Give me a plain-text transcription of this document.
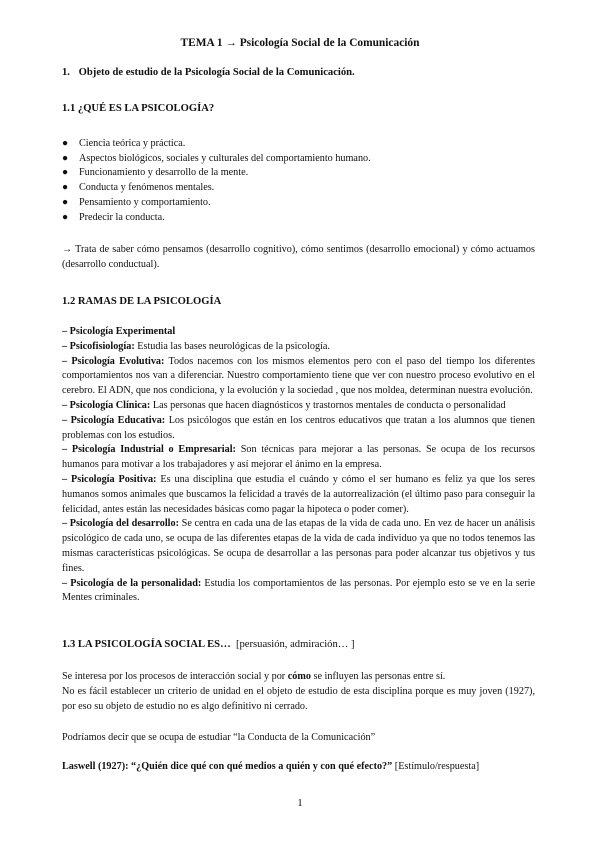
TEMA 1 → Psicología Social de la Comunicación
1. Objeto de estudio de la Psicología Social de la Comunicación.
1.1 ¿QUÉ ES LA PSICOLOGÍA?
● Ciencia teórica y práctica.
● Aspectos biológicos, sociales y culturales del comportamiento humano.
● Funcionamiento y desarrollo de la mente.
● Conducta y fenómenos mentales.
● Pensamiento y comportamiento.
● Predecir la conducta.
→ Trata de saber cómo pensamos (desarrollo cognitivo), cómo sentimos (desarrollo emocional) y cómo actuamos (desarrollo conductual).
1.2 RAMAS DE LA PSICOLOGÍA

– Psicología Experimental

– Psicofisiología: Estudia las bases neurológicas de la psicología.

– Psicología Evolutiva: Todos nacemos con los mismos elementos pero con el paso del tiempo los diferentes comportamientos nos van a diferenciar. Nuestro comportamiento tiene que ver con nuestro proceso evolutivo en el cerebro. El ADN, que nos condiciona, y la evolución y la sociedad , que nos moldea, determinan nuestra evolución.

– Psicología Clínica: Las personas que hacen diagnósticos y trastornos mentales de conducta o personalidad

– Psicología Educativa: Los psicólogos que están en los centros educativos que tratan a los alumnos que tienen problemas con los estudios.

– Psicología Industrial o Empresarial: Son técnicas para mejorar a las personas. Se ocupa de los recursos humanos para motivar a los trabajadores y así mejorar el ánimo en la empresa.

– Psicología Positiva: Es una disciplina que estudia el cuándo y cómo el ser humano es feliz ya que los seres humanos somos animales que buscamos la felicidad a través de la autorrealización (el último paso para conseguir la felicidad, antes están las necesidades básicas como pagar la hipoteca o poder comer).

– Psicología del desarrollo: Se centra en cada una de las etapas de la vida de cada uno. En vez de hacer un análisis psicológico de cada uno, se ocupa de las diferentes etapas de la vida de cada individuo ya que no todos tenemos las mismas características psicológicas. Se ocupa de desarrollar a las personas para poder alcanzar tus objetivos y tus fines.

– Psicología de la personalidad: Estudia los comportamientos de las personas. Por ejemplo esto se ve en la serie Mentes criminales.

1.3 LA PSICOLOGÍA SOCIAL ES… [persuasión, admiración… ]
Se interesa por los procesos de interacción social y por cómo se influyen las personas entre sí.
No es fácil establecer un criterio de unidad en el objeto de estudio de esta disciplina porque es muy joven (1927), por eso su objeto de estudio no es algo definitivo ni cerrado.
Podríamos decir que se ocupa de estudiar “la Conducta de la Comunicación”
Laswell (1927): “¿Quién dice qué con qué medios a quién y con qué efecto?” [Estímulo/respuesta]
1
